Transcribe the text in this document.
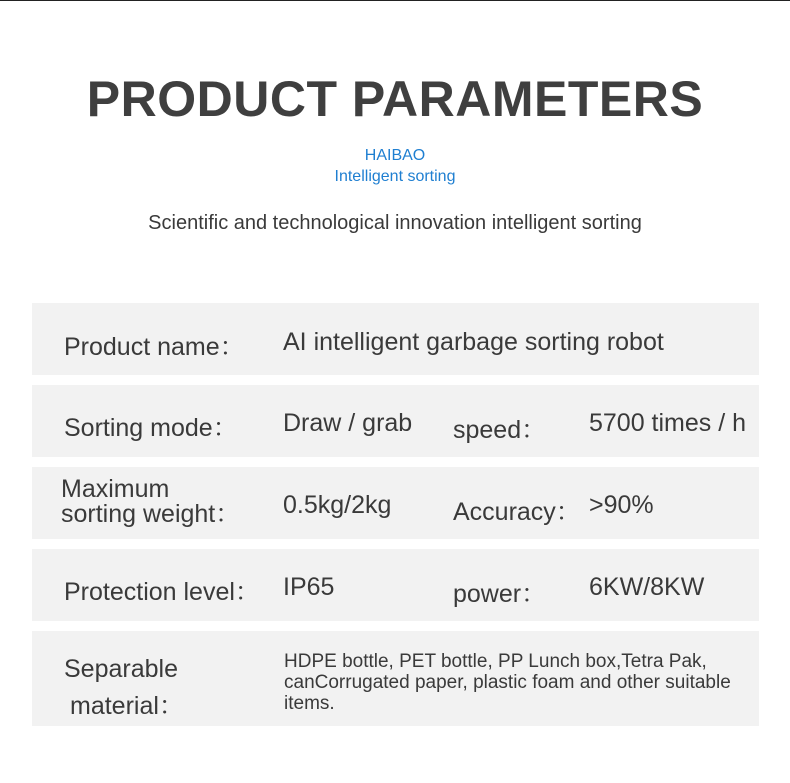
PRODUCT PARAMETERS
HAIBAO
Intelligent sorting
Scientific and technological innovation intelligent sorting
Product name： AI intelligent garbage sorting robot
Sorting mode： Draw / grab speed： 5700 times / h
Maximum
sorting weight： 0.5kg/2kg Accuracy： >90%
Protection level： IP65	power： 6KW/8KW
Separable
material：
HDPE bottle, PET bottle, PP Lunch box,Tetra Pak, canCorrugated paper, plastic foam and other suitable items.
